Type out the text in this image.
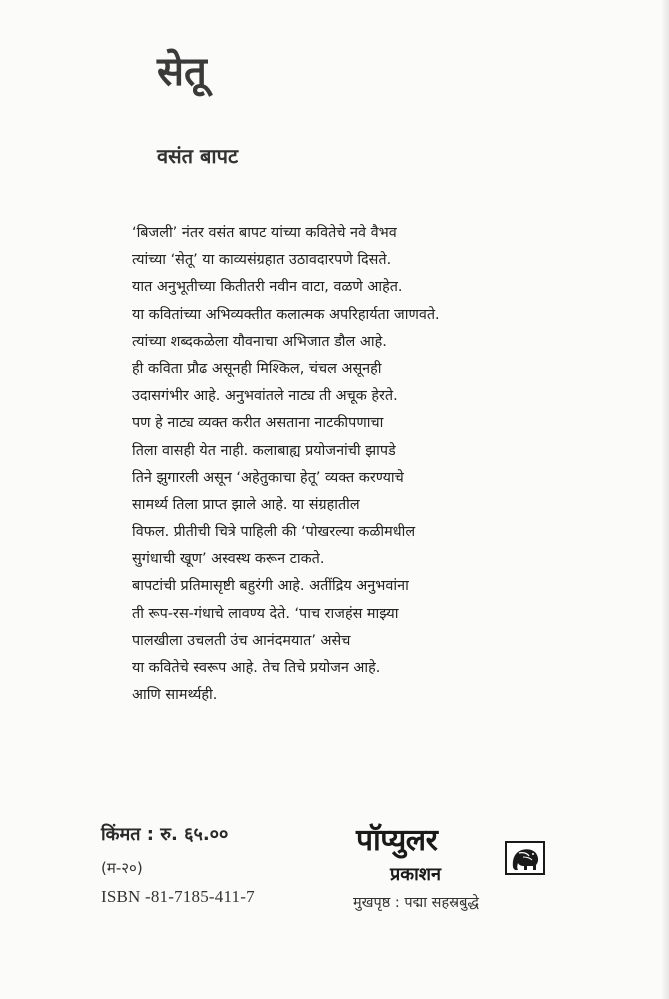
सेतू
वसंत बापट
‘बिजली’ नंतर वसंत बापट यांच्या कवितेचे नवे वैभव
त्यांच्या ‘सेतू’ या काव्यसंग्रहात उठावदारपणे दिसते.
यात अनुभूतीच्या कितीतरी नवीन वाटा, वळणे आहेत.
या कवितांच्या अभिव्यक्तीत कलात्मक अपरिहार्यता जाणवते.
त्यांच्या शब्दकळेला यौवनाचा अभिजात डौल आहे.
ही कविता प्रौढ असूनही मिश्किल, चंचल असूनही
उदासगंभीर आहे. अनुभवांतले नाट्य ती अचूक हेरते.
पण हे नाट्य व्यक्त करीत असताना नाटकीपणाचा
तिला वासही येत नाही. कलाबाह्य प्रयोजनांची झापडे
तिने झुगारली असून ‘अहेतुकाचा हेतू’ व्यक्त करण्याचे
सामर्थ्य तिला प्राप्त झाले आहे. या संग्रहातील
विफल. प्रीतीची चित्रे पाहिली की ‘पोखरल्या कळीमधील
सुगंधाची खूण’ अस्वस्थ करून टाकते.
बापटांची प्रतिमासृष्टी बहुरंगी आहे. अतींद्रिय अनुभवांना
ती रूप-रस-गंधाचे लावण्य देते. ‘पाच राजहंस माझ्या
पालखीला उचलती उंच आनंदमयात’ असेच
या कवितेचे स्वरूप आहे. तेच तिचे प्रयोजन आहे.
आणि सामर्थ्यही.
किंमत : रु. ६५.००
(म-२०)
ISBN -81-7185-411-7
पॉप्युलर
प्रकाशन
मुखपृष्ठ : पद्मा सहस्रबुद्धे
